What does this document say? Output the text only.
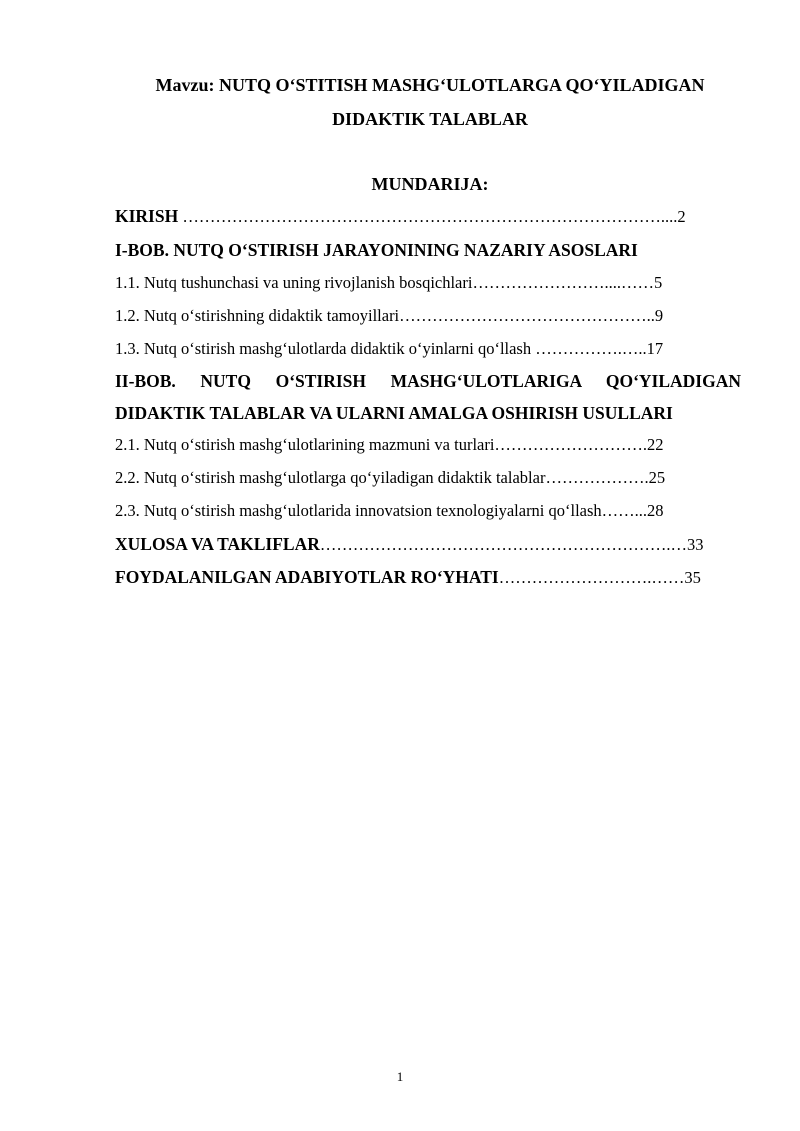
Mavzu: NUTQ O‘STITISH MASHG‘ULOTLARGA QO‘YILADIGAN
DIDAKTIK TALABLAR
MUNDARIJA:
KIRISH ……………………………………………………………………………....2
I-BOB. NUTQ O‘STIRISH JARAYONINING NAZARIY ASOSLARI
1.1. Nutq tushunchasi va uning rivojlanish bosqichlari……………………....……5
1.2. Nutq o‘stirishning didaktik tamoyillari………………………………………..9
1.3. Nutq o‘stirish mashg‘ulotlarda didaktik o‘yinlarni qo‘llash …………….…..17
II-BOB. NUTQ O‘STIRISH MASHG‘ULOTLARIGA QO‘YILADIGAN
DIDAKTIK TALABLAR VA ULARNI AMALGA OSHIRISH USULLARI
2.1. Nutq o‘stirish mashg‘ulotlarining mazmuni va turlari……………………….22
2.2. Nutq o‘stirish mashg‘ulotlarga qo‘yiladigan didaktik talablar……………….25
2.3. Nutq o‘stirish mashg‘ulotlarida innovatsion texnologiyalarni qo‘llash……...28
XULOSA VA TAKLIFLAR……………………………………………………….…33
FOYDALANILGAN ADABIYOTLAR RO‘YHATI……………………….……35
1
